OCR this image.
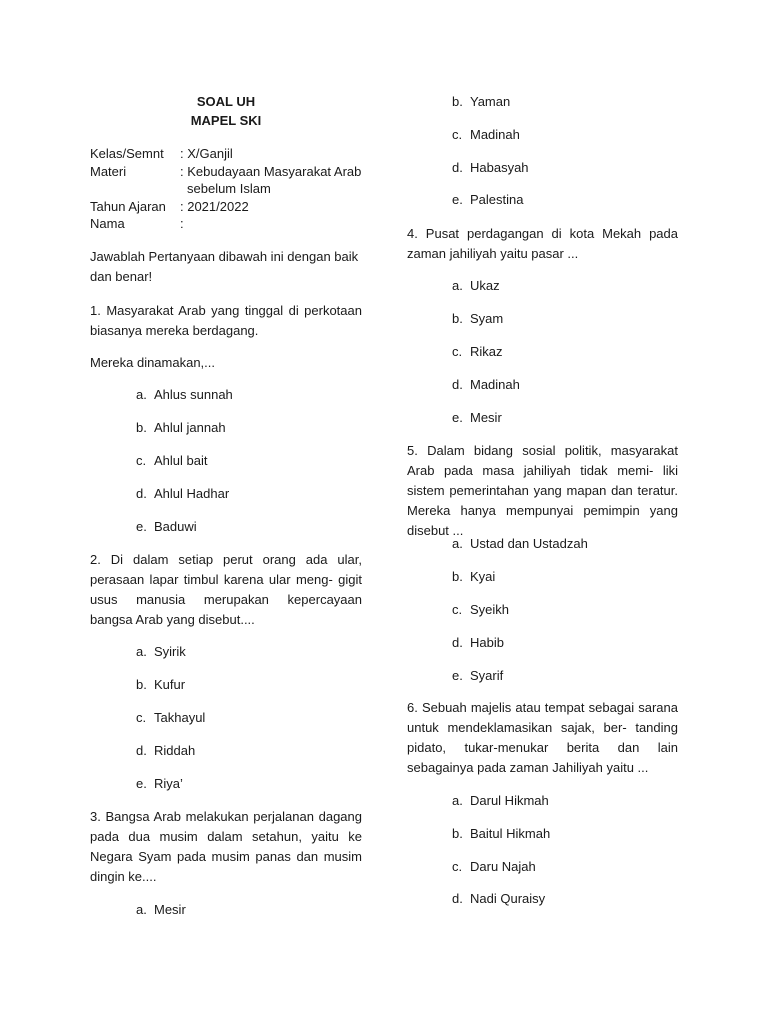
SOAL UH
MAPEL SKI
Kelas/Semnt : X/Ganjil
Materi	: Kebudayaan Masyarakat Arab
sebelum Islam
Tahun Ajaran : 2021/2022
Nama	:
Jawablah Pertanyaan dibawah ini dengan baik dan benar!
1. Masyarakat Arab yang tinggal di perkotaan biasanya mereka berdagang.
Mereka dinamakan,...
a. Ahlus sunnah
b. Ahlul jannah
c. Ahlul bait
d. Ahlul Hadhar
e. Baduwi
2. Di dalam setiap perut orang ada ular, perasaan lapar timbul karena ular meng- gigit usus manusia merupakan kepercayaan bangsa Arab yang disebut....
a. Syirik
b. Kufur
c. Takhayul
d. Riddah
e. Riya’
3. Bangsa Arab melakukan perjalanan dagang pada dua musim dalam setahun, yaitu ke Negara Syam pada musim panas dan musim dingin ke....
a. Mesir
b. Yaman
c. Madinah
d. Habasyah
e. Palestina
4. Pusat perdagangan di kota Mekah pada zaman jahiliyah yaitu pasar ...
a. Ukaz
b. Syam
c. Rikaz
d. Madinah
e. Mesir
5. Dalam bidang sosial politik, masyarakat Arab pada masa jahiliyah tidak memi- liki sistem pemerintahan yang mapan dan teratur. Mereka hanya mempunyai pemimpin yang disebut ...
a. Ustad dan Ustadzah
b. Kyai
c. Syeikh
d. Habib
e. Syarif
6. Sebuah majelis atau tempat sebagai sarana untuk mendeklamasikan sajak, ber- tanding pidato, tukar-menukar berita dan lain sebagainya pada zaman Jahiliyah yaitu ...
a. Darul Hikmah
b. Baitul Hikmah
c. Daru Najah
d. Nadi Quraisy
